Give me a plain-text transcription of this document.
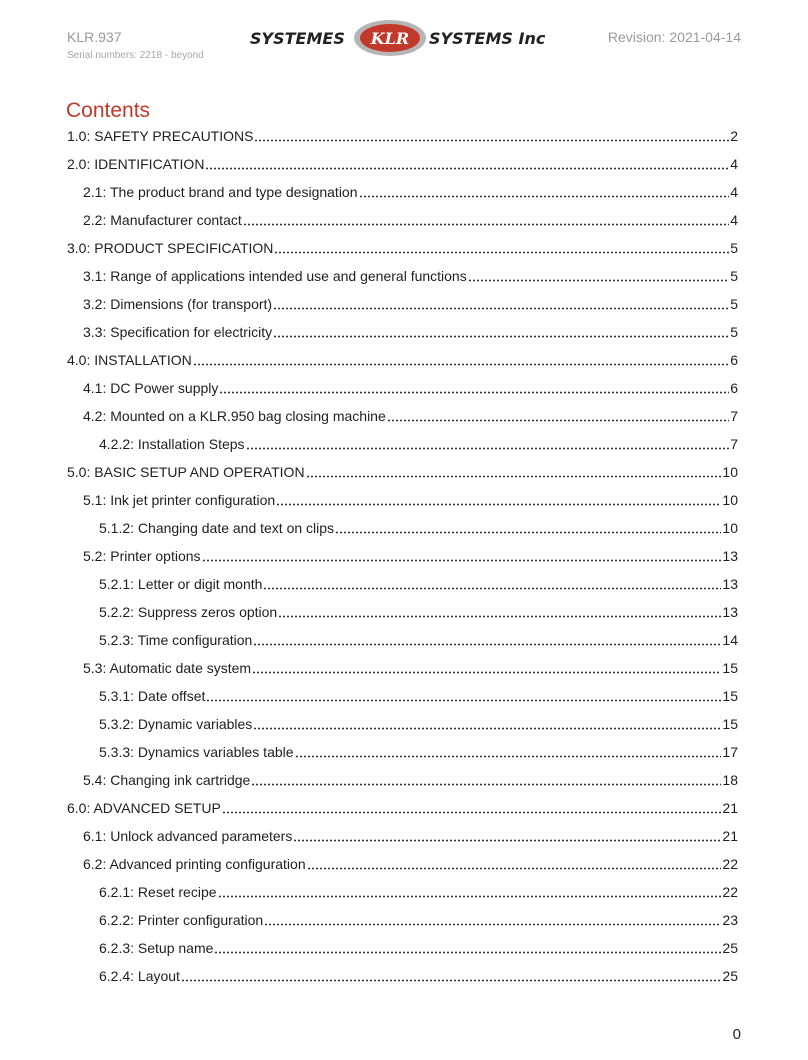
KLR.937
Serial numbers: 2218 - beyond
SYSTEMES KLR SYSTEMS Inc	Revision: 2021-04-14
Contents
1.0: SAFETY PRECAUTIONS	2
2.0: IDENTIFICATION	4
2.1: The product brand and type designation	4
2.2: Manufacturer contact	4
3.0: PRODUCT SPECIFICATION	5
3.1: Range of applications intended use and general functions	5
3.2: Dimensions (for transport)	5
3.3: Specification for electricity	5
4.0: INSTALLATION	6
4.1: DC Power supply	6
4.2: Mounted on a KLR.950 bag closing machine	7
4.2.2: Installation Steps	7
5.0: BASIC SETUP AND OPERATION	10
5.1: Ink jet printer configuration	10
5.1.2: Changing date and text on clips	10
5.2: Printer options	13
5.2.1: Letter or digit month	13
5.2.2: Suppress zeros option	13
5.2.3: Time configuration	14
5.3: Automatic date system	15
5.3.1: Date offset	15
5.3.2: Dynamic variables	15
5.3.3: Dynamics variables table	17
5.4: Changing ink cartridge	18
6.0: ADVANCED SETUP	21
6.1: Unlock advanced parameters	21
6.2: Advanced printing configuration	22
6.2.1: Reset recipe	22
6.2.2: Printer configuration	23
6.2.3: Setup name	25
6.2.4: Layout	25
0
